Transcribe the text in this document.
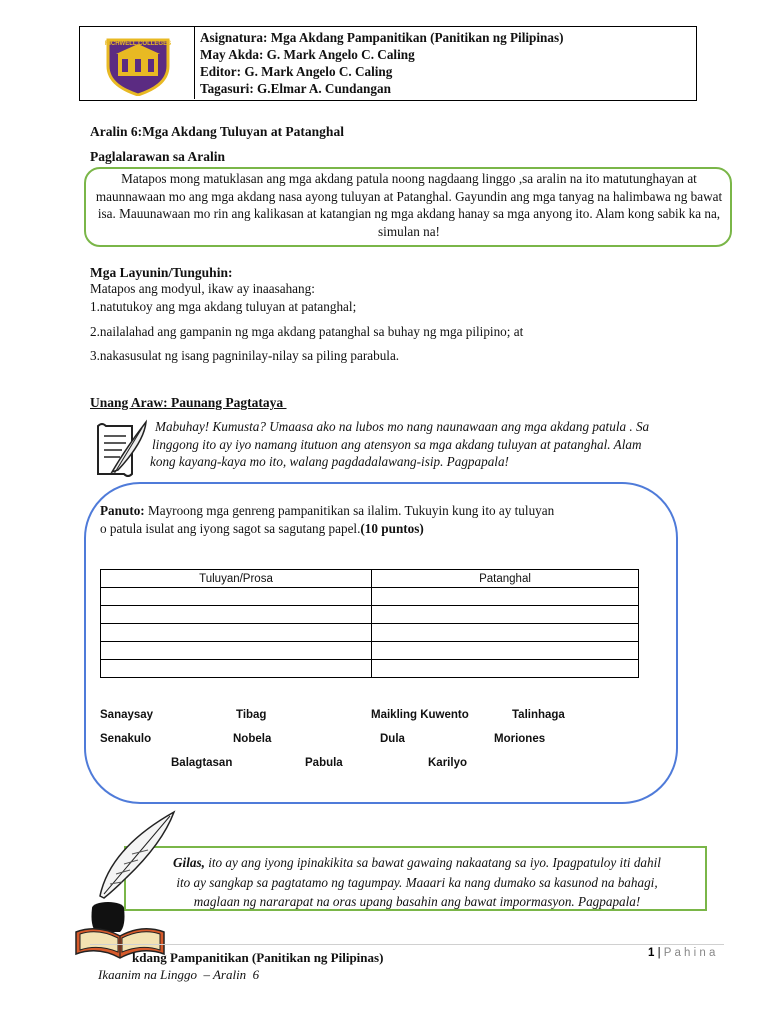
RICHWELL COLLEGES Asignatura: Mga Akdang Pampanitikan (Panitikan ng Pilipinas)
May Akda: G. Mark Angelo C. Caling
Editor: G. Mark Angelo C. Caling
Tagasuri: G.Elmar A. Cundangan
Aralin 6:Mga Akdang Tuluyan at Patanghal
Paglalarawan sa Aralin
Matapos mong matuklasan ang mga akdang patula noong nagdaang linggo ,sa aralin na ito matutunghayan at maunnawaan mo ang mga akdang nasa ayong tuluyan at Patanghal. Gayundin ang mga tanyag na halimbawa ng bawat isa. Mauunawaan mo rin ang kalikasan at katangian ng mga akdang hanay sa mga anyong ito. Alam kong sabik ka na, simulan na!
Mga Layunin/Tunguhin:
Matapos ang modyul, ikaw ay inaasahang:
1.natutukoy ang mga akdang tuluyan at patanghal;
2.nailalahad ang gampanin ng mga akdang patanghal sa buhay ng mga pilipino; at
3.nakasusulat ng isang pagninilay-nilay sa piling parabula.
Unang Araw: Paunang Pagtataya
Mabuhay! Kumusta? Umaasa ako na lubos mo nang naunawaan ang mga akdang patula . Sa
linggong ito ay iyo namang itutuon ang atensyon sa mga akdang tuluyan at patanghal. Alam
kong kayang-kaya mo ito, walang pagdadalawang-isip. Pagpapala!
Panuto: Mayroong mga genreng pampanitikan sa ilalim. Tukuyin kung ito ay tuluyan
o patula isulat ang iyong sagot sa sagutang papel.(10 puntos)
Tuluyan/Prosa	Patanghal

Sanaysay	Tibag	Maikling Kuwento	Talinhaga
Senakulo	Nobela	Dula	Moriones
Balagtasan	Pabula	Karilyo
Gilas, ito ay ang iyong ipinakikita sa bawat gawaing nakaatang sa iyo. Ipagpatuloy iti dahil
ito ay sangkap sa pagtatamo ng tagumpay. Maaari ka nang dumako sa kasunod na bahagi,
maglaan ng nararapat na oras upang basahin ang bawat impormasyon. Pagpapala!
kdang Pampanitikan (Panitikan ng Pilipinas)
Ikaanim na Linggo  – Aralin  6
1 | P a h i n a
